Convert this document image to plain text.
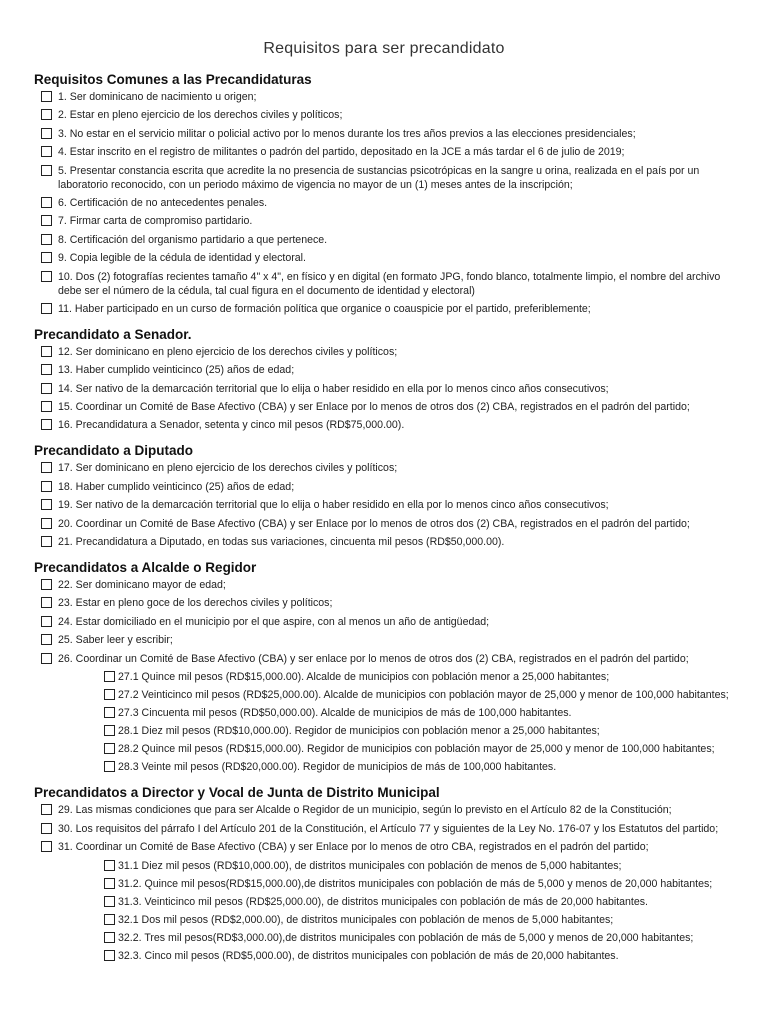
Requisitos para ser precandidato
Requisitos Comunes a las Precandidaturas
1. Ser dominicano de nacimiento u origen;
2. Estar en pleno ejercicio de los derechos civiles y políticos;
3. No estar en el servicio militar o policial activo por lo menos durante los tres años previos a las elecciones presidenciales;
4. Estar inscrito en el registro de militantes o padrón del partido, depositado en la JCE a más tardar el 6 de julio de 2019;
5. Presentar constancia escrita que acredite la no presencia de sustancias psicotrópicas en la sangre u orina, realizada en el país por un laboratorio reconocido, con un periodo máximo de vigencia no mayor de un (1) meses antes de la inscripción;
6. Certificación de no antecedentes penales.
7. Firmar carta de compromiso partidario.
8. Certificación del organismo partidario a que pertenece.
9. Copia legible de la cédula de identidad y electoral.
10. Dos (2) fotografías recientes tamaño 4" x 4", en físico y en digital (en formato JPG, fondo blanco, totalmente limpio, el nombre del archivo debe ser el número de la cédula, tal cual figura en el documento de identidad y electoral)
11. Haber participado en un curso de formación política que organice o coauspicie por el partido, preferiblemente;
Precandidato a Senador.
12. Ser dominicano en pleno ejercicio de los derechos civiles y políticos;
13. Haber cumplido veinticinco (25) años de edad;
14. Ser nativo de la demarcación territorial que lo elija o haber residido en ella por lo menos cinco años consecutivos;
15. Coordinar un Comité de Base Afectivo (CBA) y ser Enlace por lo menos de otros dos (2) CBA, registrados en el padrón del partido;
16. Precandidatura a Senador, setenta y cinco mil pesos (RD$75,000.00).
Precandidato a Diputado
17. Ser dominicano en pleno ejercicio de los derechos civiles y políticos;
18. Haber cumplido veinticinco (25) años de edad;
19. Ser nativo de la demarcación territorial que lo elija o haber residido en ella por lo menos cinco años consecutivos;
20. Coordinar un Comité de Base Afectivo (CBA) y ser Enlace por lo menos de otros dos (2) CBA, registrados en el padrón del partido;
21. Precandidatura a Diputado, en todas sus variaciones, cincuenta mil pesos (RD$50,000.00).
Precandidatos a Alcalde o Regidor
22. Ser dominicano mayor de edad;
23. Estar en pleno goce de los derechos civiles y políticos;
24. Estar domiciliado en el municipio por el que aspire, con al menos un año de antigüedad;
25. Saber leer y escribir;
26. Coordinar un Comité de Base Afectivo (CBA) y ser enlace por lo menos de otros dos (2) CBA, registrados en el padrón del partido;
27.1 Quince mil pesos (RD$15,000.00). Alcalde de municipios con población menor a 25,000 habitantes;
27.2 Veinticinco mil pesos (RD$25,000.00). Alcalde de municipios con población mayor de 25,000 y menor de 100,000 habitantes;
27.3 Cincuenta mil pesos (RD$50,000.00). Alcalde de municipios de más de 100,000 habitantes.
28.1 Diez mil pesos (RD$10,000.00). Regidor de municipios con población menor a 25,000 habitantes;
28.2 Quince mil pesos (RD$15,000.00). Regidor de municipios con población mayor de 25,000 y menor de 100,000 habitantes;
28.3 Veinte mil pesos (RD$20,000.00). Regidor de municipios de más de 100,000 habitantes.
Precandidatos a Director y Vocal de Junta de Distrito Municipal
29. Las mismas condiciones que para ser Alcalde o Regidor de un municipio, según lo previsto en el Artículo 82 de la Constitución;
30. Los requisitos del párrafo I del Artículo 201 de la Constitución, el Artículo 77 y siguientes de la Ley No. 176-07 y los Estatutos del partido;
31. Coordinar un Comité de Base Afectivo (CBA) y ser Enlace por lo menos de otro CBA, registrados en el padrón del partido;
31.1 Diez mil pesos (RD$10,000.00), de distritos municipales con población de menos de 5,000 habitantes;
31.2. Quince mil pesos(RD$15,000.00),de distritos municipales con población de más de 5,000 y menos de 20,000 habitantes;
31.3. Veinticinco mil pesos (RD$25,000.00), de distritos municipales con población de más de 20,000 habitantes.
32.1 Dos mil pesos (RD$2,000.00), de distritos municipales con población de menos de 5,000 habitantes;
32.2. Tres mil pesos(RD$3,000.00),de distritos municipales con población de más de 5,000 y menos de 20,000 habitantes;
32.3. Cinco mil pesos (RD$5,000.00), de distritos municipales con población de más de 20,000 habitantes.
